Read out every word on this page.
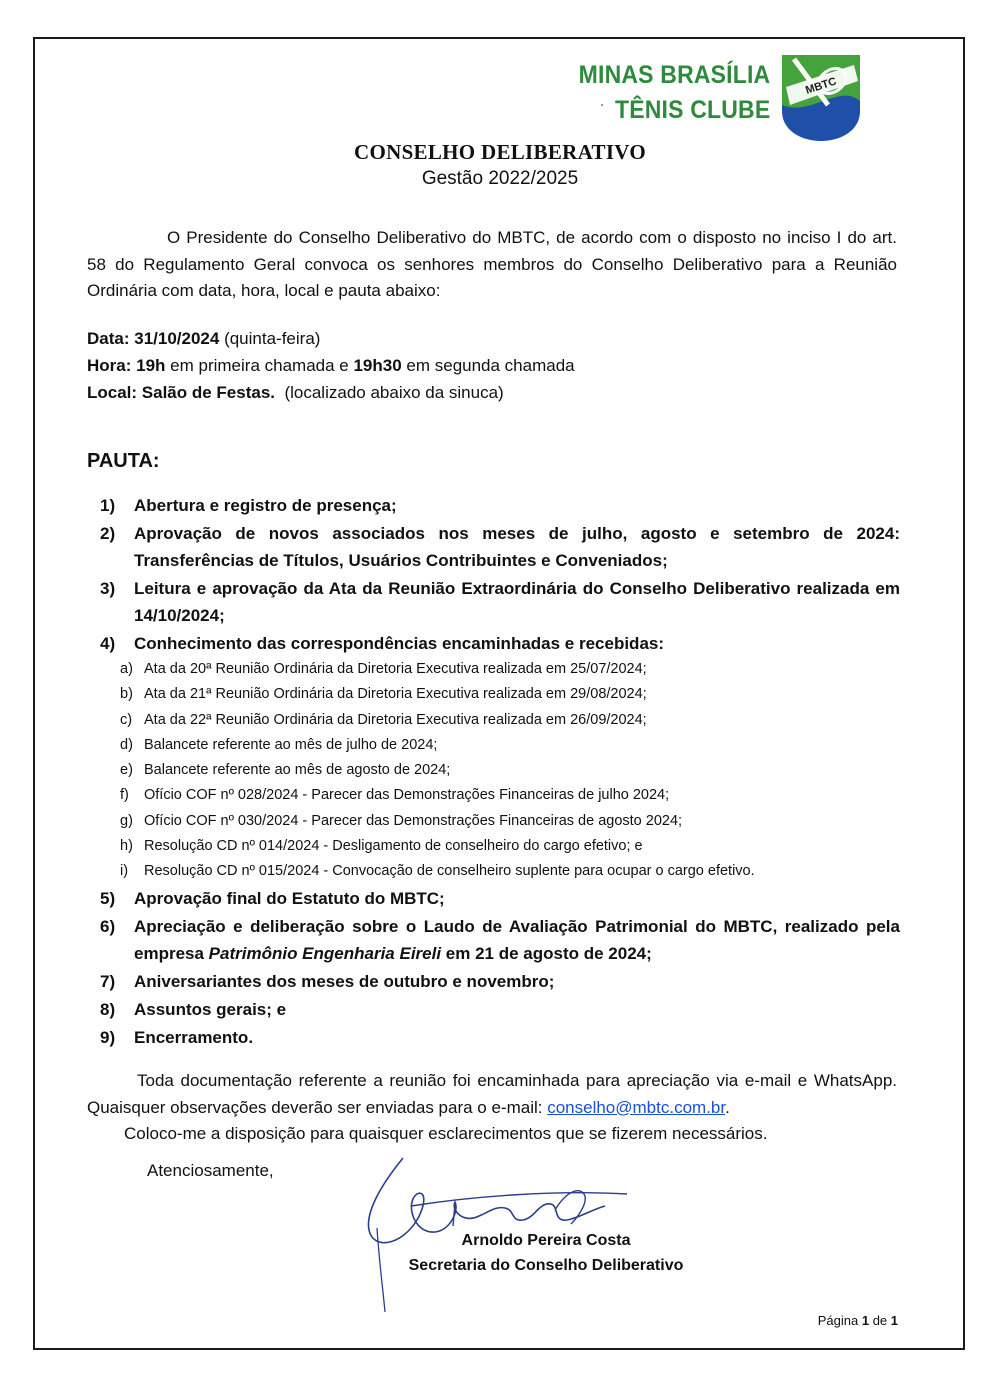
MINAS BRASÍLIA
TÊNIS CLUBE
MBTC
CONSELHO DELIBERATIVO
Gestão 2022/2025
O Presidente do Conselho Deliberativo do MBTC, de acordo com o disposto no inciso I do art. 58 do Regulamento Geral convoca os senhores membros do Conselho Deliberativo para a Reunião Ordinária com data, hora, local e pauta abaixo:
Data: 31/10/2024 (quinta-feira)
Hora: 19h em primeira chamada e 19h30 em segunda chamada
Local: Salão de Festas.  (localizado abaixo da sinuca)
PAUTA:
1)	Abertura e registro de presença;
2)	Aprovação de novos associados nos meses de julho, agosto e setembro de 2024: Transferências de Títulos, Usuários Contribuintes e Conveniados;
3)	Leitura e aprovação da Ata da Reunião Extraordinária do Conselho Deliberativo realizada em 14/10/2024;
4)	Conhecimento das correspondências encaminhadas e recebidas:
a) Ata da 20ª Reunião Ordinária da Diretoria Executiva realizada em 25/07/2024;
b) Ata da 21ª Reunião Ordinária da Diretoria Executiva realizada em 29/08/2024;
c) Ata da 22ª Reunião Ordinária da Diretoria Executiva realizada em 26/09/2024;
d) Balancete referente ao mês de julho de 2024;
e) Balancete referente ao mês de agosto de 2024;
f)	Ofício COF nº 028/2024 - Parecer das Demonstrações Financeiras de julho 2024;
g) Ofício COF nº 030/2024 - Parecer das Demonstrações Financeiras de agosto 2024;
h) Resolução CD nº 014/2024 - Desligamento de conselheiro do cargo efetivo; e
i)	Resolução CD nº 015/2024 - Convocação de conselheiro suplente para ocupar o cargo efetivo.
5)	Aprovação final do Estatuto do MBTC;
6)	Apreciação e deliberação sobre o Laudo de Avaliação Patrimonial do MBTC, realizado pela empresa Patrimônio Engenharia Eireli em 21 de agosto de 2024;
7)	Aniversariantes dos meses de outubro e novembro;
8)	Assuntos gerais; e
9)	Encerramento.
Toda documentação referente a reunião foi encaminhada para apreciação via e-mail e WhatsApp. Quaisquer observações deverão ser enviadas para o e-mail: conselho@mbtc.com.br.
Coloco-me a disposição para quaisquer esclarecimentos que se fizerem necessários.
Atenciosamente,
Arnoldo Pereira Costa
Secretaria do Conselho Deliberativo
Página 1 de 1
